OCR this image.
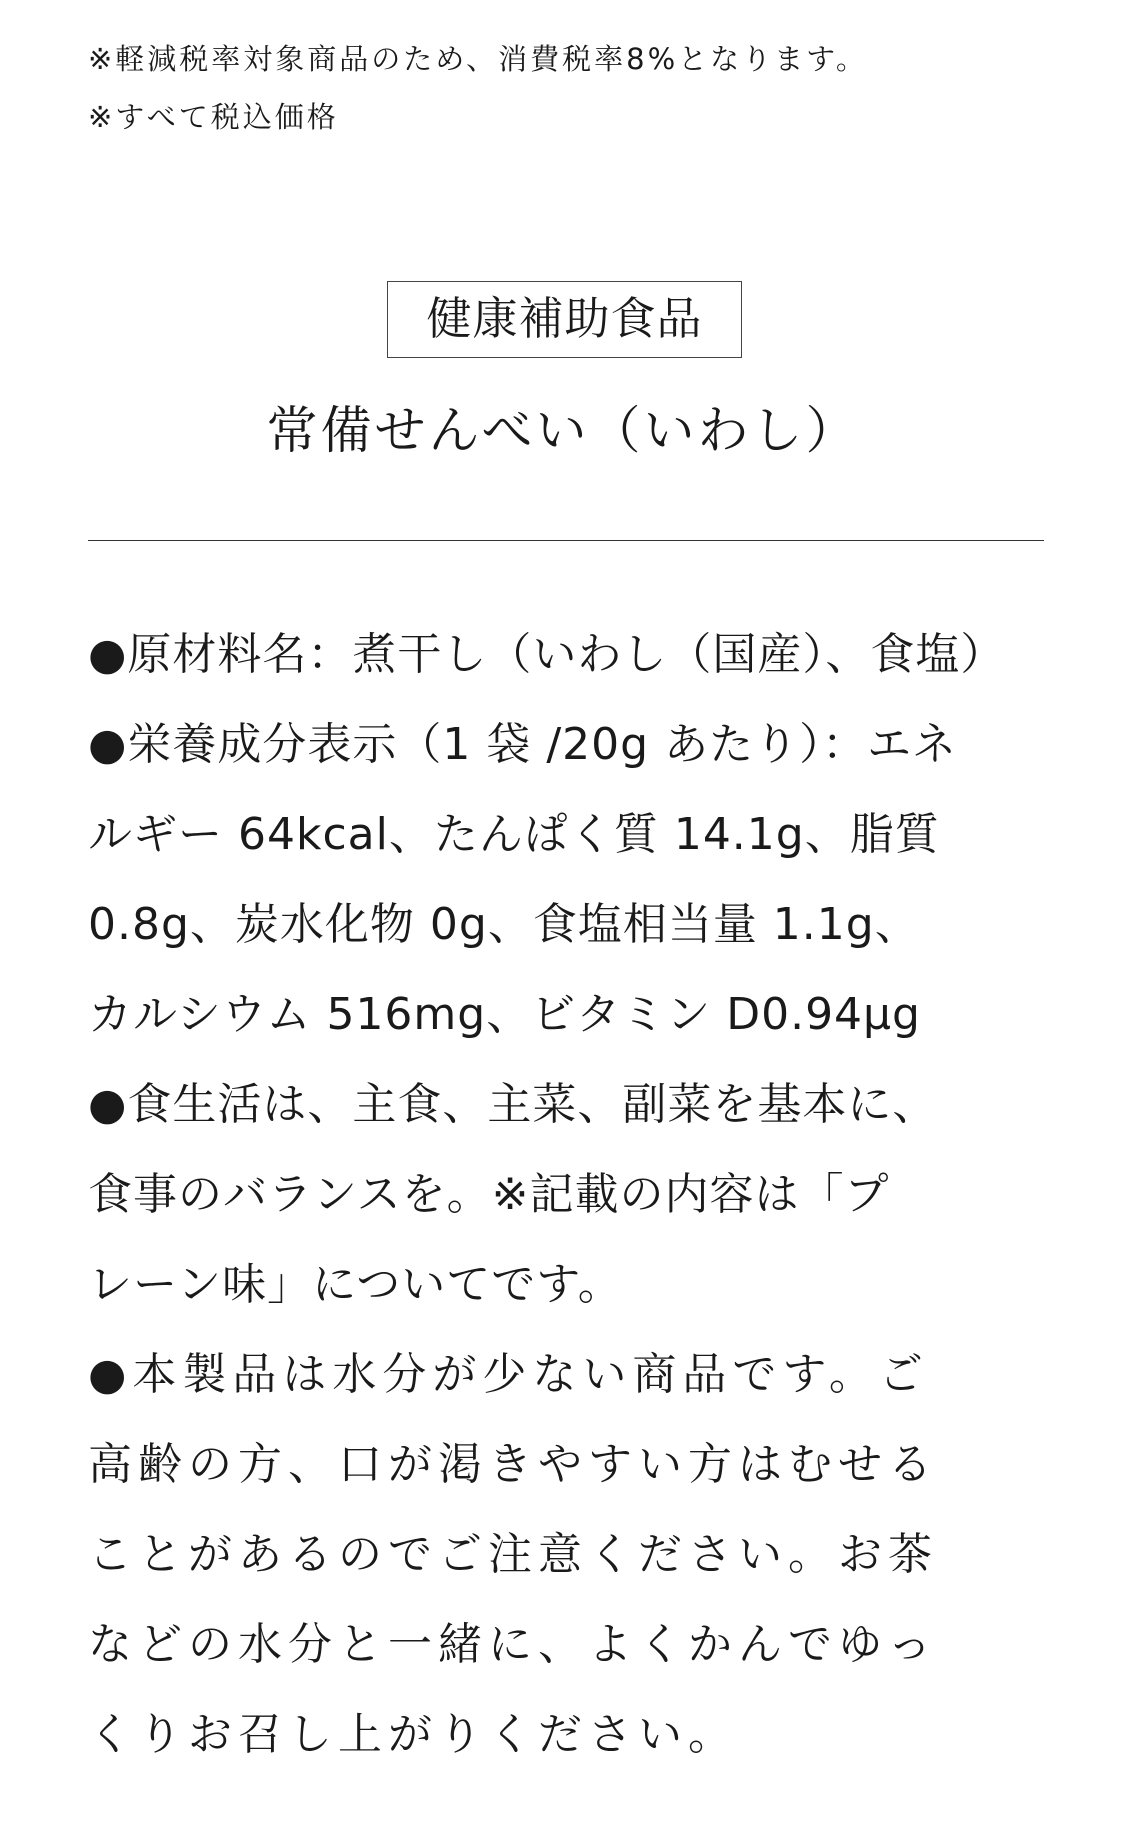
※軽減税率対象商品のため、消費税率8%となります。
※すべて税込価格
健康補助食品
常備せんべい（いわし）
●原材料名：煮干し（いわし（国産）、食塩）
●栄養成分表示（1 袋 /20g あたり）：エネ
ルギー 64kcal、たんぱく質 14.1g、脂質
0.8g、炭水化物 0g、食塩相当量 1.1g、
カルシウム 516mg、ビタミン D0.94μg
●食生活は、主食、主菜、副菜を基本に、
食事のバランスを。※記載の内容は「プ
レーン味」についてです。
●本製品は水分が少ない商品です。ご
高齢の方、口が渇きやすい方はむせる
ことがあるのでご注意ください。お茶
などの水分と一緒に、よくかんでゆっ
くりお召し上がりください。
